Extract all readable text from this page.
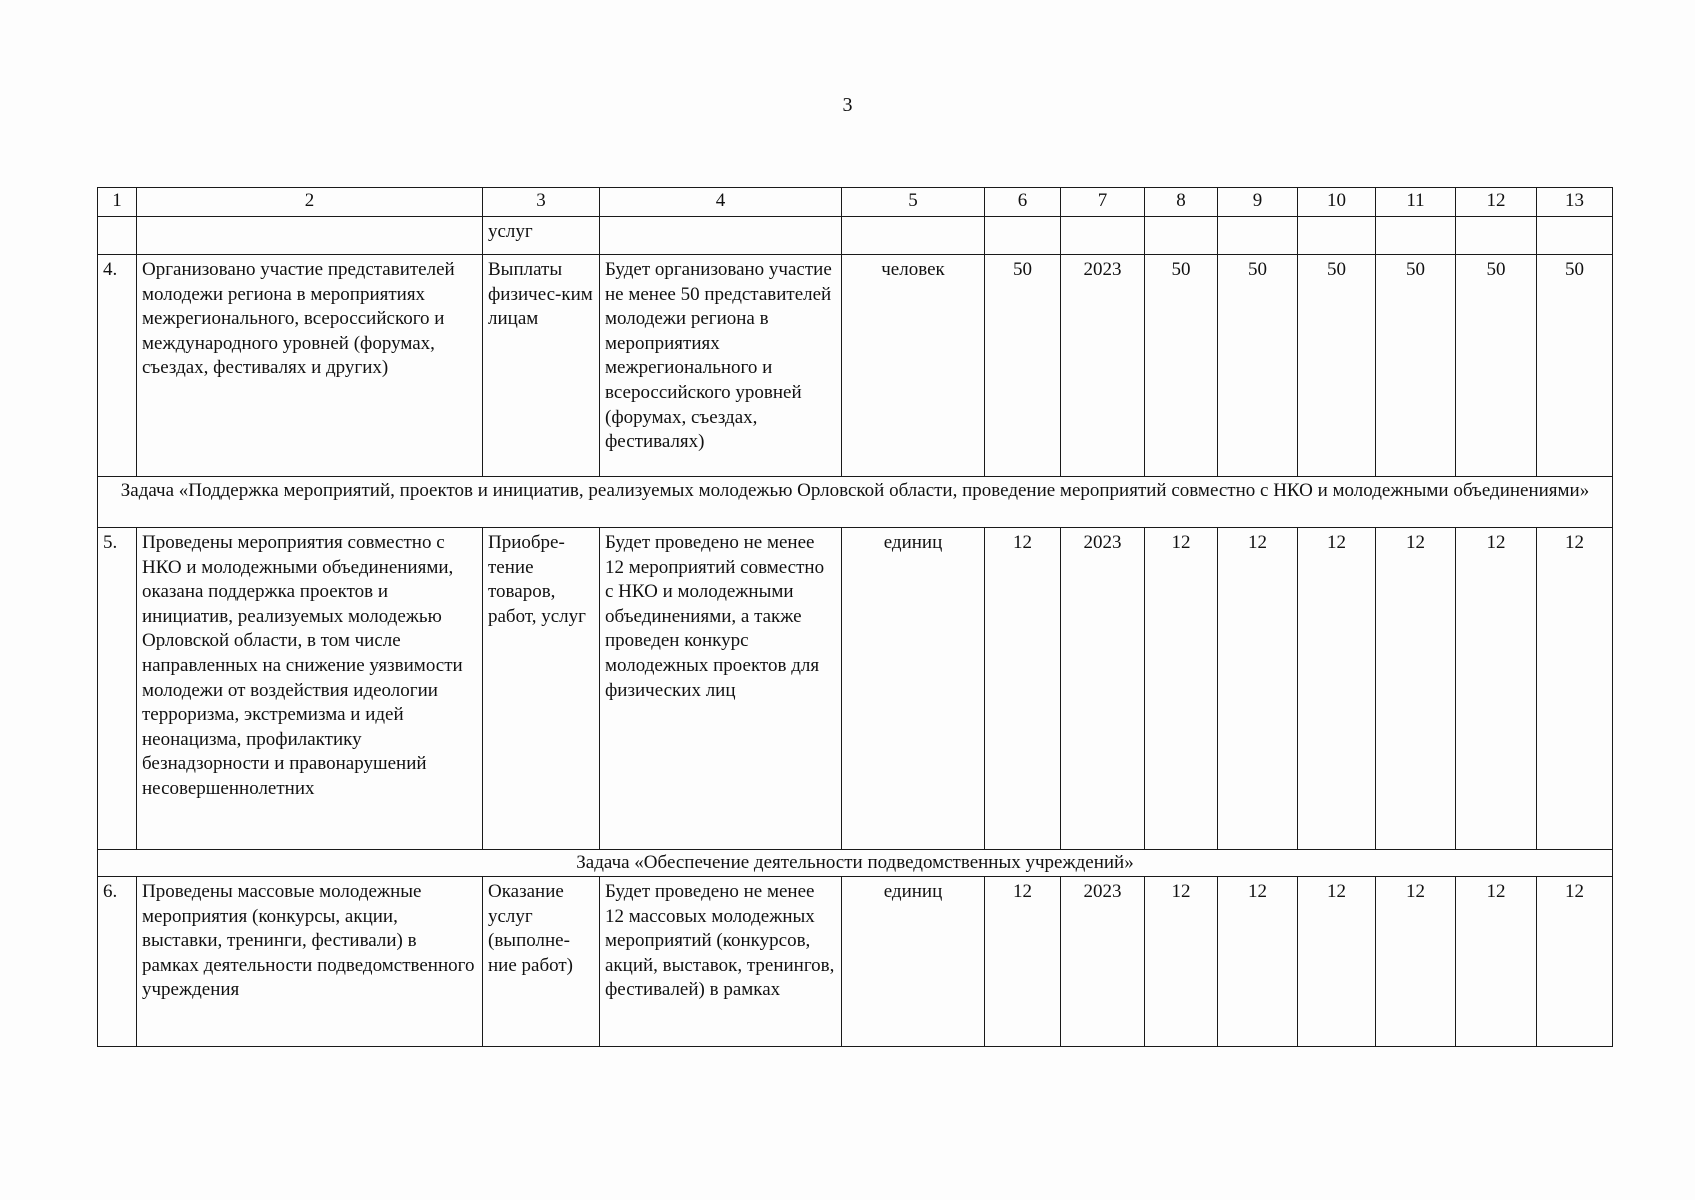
3
1	2	3	4	5	6	7	8	9	10	11	12	13
		услуг										
4.	Организовано участие представителей молодежи региона в мероприятиях межрегионального, всероссийского и международного уровней (форумах, съездах, фестивалях и других)	Выплаты физичес-ким лицам	Будет организовано участие не менее 50 представителей молодежи региона в мероприятиях межрегионального и всероссийского уровней (форумах, съездах, фестивалях)	человек	50	2023	50	50	50	50	50	50
Задача «Поддержка мероприятий, проектов и инициатив, реализуемых молодежью Орловской области, проведение мероприятий совместно с НКО и молодежными объединениями»												
5.	Проведены мероприятия совместно с НКО и молодежными объединениями, оказана поддержка проектов и инициатив, реализуемых молодежью Орловской области, в том числе направленных на снижение уязвимости молодежи от воздействия идеологии терроризма, экстремизма и идей неонацизма, профилактику безнадзорности и правонарушений несовершеннолетних	Приобре-тение товаров, работ, услуг	Будет проведено не менее 12 мероприятий совместно с НКО и молодежными объединениями, а также проведен конкурс молодежных проектов для физических лиц	единиц	12	2023	12	12	12	12	12	12
Задача «Обеспечение деятельности подведомственных учреждений»												
6.	Проведены массовые молодежные мероприятия (конкурсы, акции, выставки, тренинги, фестивали) в рамках деятельности подведомственного учреждения	Оказание услуг (выполне-ние работ)	Будет проведено не менее 12 массовых молодежных мероприятий (конкурсов, акций, выставок, тренингов, фестивалей) в рамках	единиц	12	2023	12	12	12	12	12	12
